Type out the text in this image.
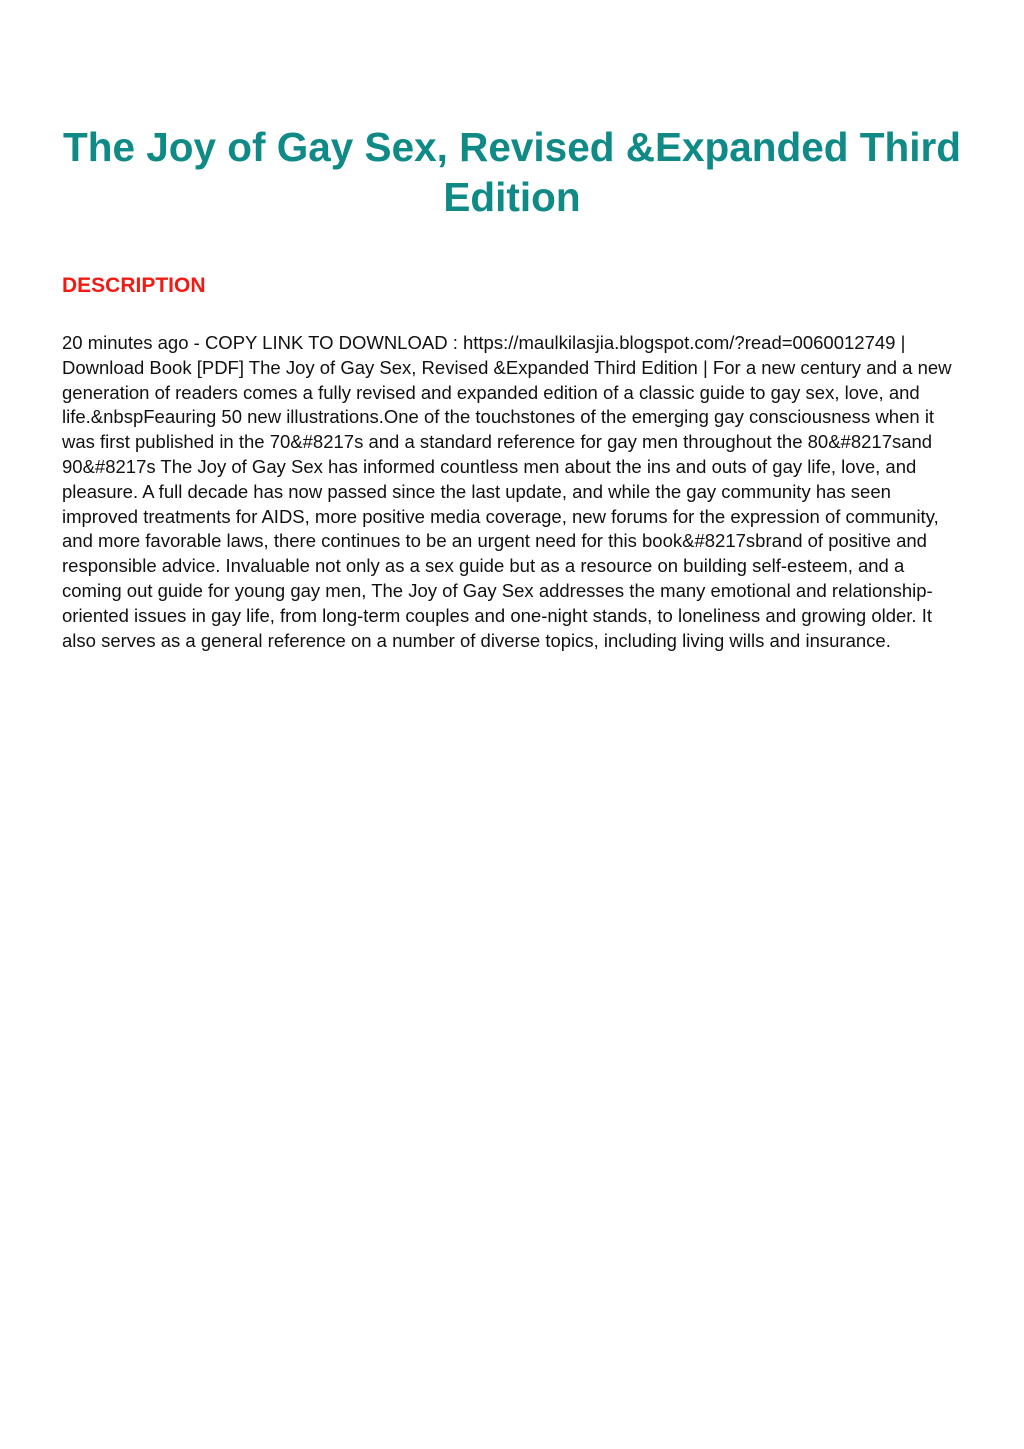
The Joy of Gay Sex, Revised &Expanded Third Edition
DESCRIPTION

20 minutes ago - COPY LINK TO DOWNLOAD : https://maulkilasjia.blogspot.com/?read=0060012749 | Download Book [PDF] The Joy of Gay Sex, Revised &Expanded Third Edition | For a new century and a new generation of readers comes a fully revised and expanded edition of a classic guide to gay sex, love, and life.&nbspFeauring 50 new illustrations.One of the touchstones of the emerging gay consciousness when it was first published in the 70&#8217s and a standard reference for gay men throughout the 80&#8217sand 90&#8217s The Joy of Gay Sex has informed countless men about the ins and outs of gay life, love, and pleasure. A full decade has now passed since the last update, and while the gay community has seen improved treatments for AIDS, more positive media coverage, new forums for the expression of community, and more favorable laws, there continues to be an urgent need for this book&#8217sbrand of positive and responsible advice. Invaluable not only as a sex guide but as a resource on building self-esteem, and a coming out guide for young gay men, The Joy of Gay Sex addresses the many emotional and relationship-oriented issues in gay life, from long-term couples and one-night stands, to loneliness and growing older. It also serves as a general reference on a number of diverse topics, including living wills and insurance.
